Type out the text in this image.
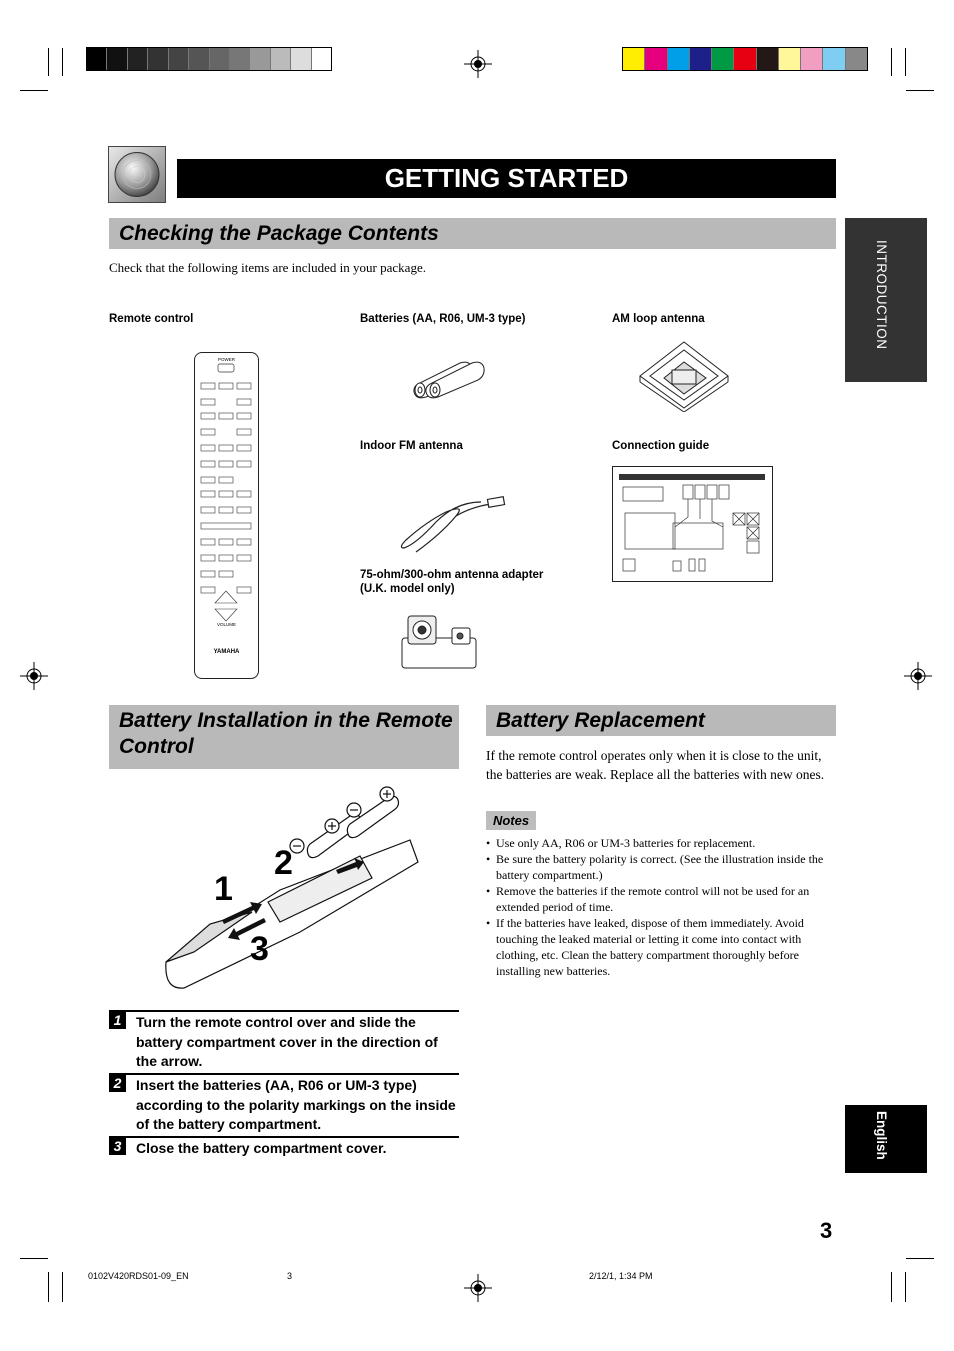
GETTING STARTED
INTRODUCTION
English
Checking the Package Contents
Check that the following items are included in your package.
Remote control	Batteries (AA, R06, UM-3 type)	AM loop antenna
Indoor FM antenna	Connection guide
75-ohm/300-ohm antenna adapter
(U.K. model only)
POWER
VOLUME
YAMAHA
Battery Installation in the Remote
Control
1
2
3
1	Turn the remote control over and slide the battery compartment cover in the direction of the arrow.
2	Insert the batteries (AA, R06 or UM-3 type) according to the polarity markings on the inside of the battery compartment.
3	Close the battery compartment cover.
Battery Replacement
If the remote control operates only when it is close to the unit, the batteries are weak. Replace all the batteries with new ones.
Notes
• Use only AA, R06 or UM-3 batteries for replacement.
• Be sure the battery polarity is correct. (See the illustration inside the battery compartment.)
• Remove the batteries if the remote control will not be used for an extended period of time.
• If the batteries have leaked, dispose of them immediately. Avoid touching the leaked material or letting it come into contact with clothing, etc. Clean the battery compartment thoroughly before installing new batteries.
3
0102V420RDS01-09_EN	3	2/12/1, 1:34 PM
